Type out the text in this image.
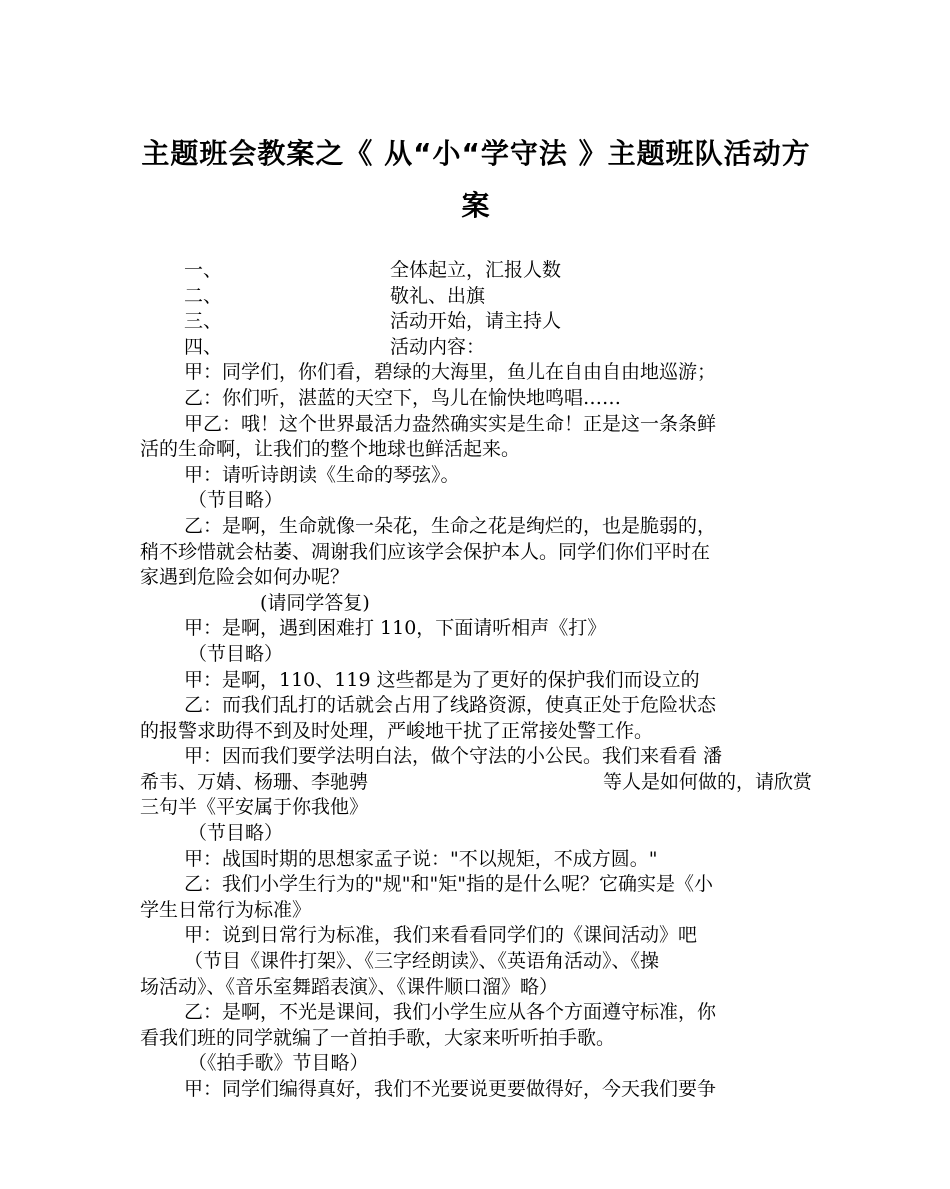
主题班会教案之《 从“小“学守法 》主题班队活动方
案
一、	全体起立，汇报人数
二、	敬礼、出旗
三、	活动开始，请主持人
四、	活动内容：
甲：同学们，你们看，碧绿的大海里，鱼儿在自由自由地巡游；
乙：你们听，湛蓝的天空下，鸟儿在愉快地鸣唱……
甲乙：哦！这个世界最活力盎然确实实是生命！正是这一条条鲜
活的生命啊，让我们的整个地球也鲜活起来。
甲：请听诗朗读《生命的琴弦》。
（节目略）
乙：是啊，生命就像一朵花，生命之花是绚烂的，也是脆弱的，
稍不珍惜就会枯萎、凋谢我们应该学会保护本人。同学们你们平时在
家遇到危险会如何办呢？
(请同学答复)
甲：是啊，遇到困难打 110，下面请听相声《打》
（节目略）
甲：是啊，110、119 这些都是为了更好的保护我们而设立的
乙：而我们乱打的话就会占用了线路资源，使真正处于危险状态
的报警求助得不到及时处理，严峻地干扰了正常接处警工作。
甲：因而我们要学法明白法，做个守法的小公民。我们来看看 潘
希韦、万婧、杨珊、李驰骋	等人是如何做的，请欣赏
三句半《平安属于你我他》
（节目略）
甲：战国时期的思想家孟子说："不以规矩，不成方圆。"
乙：我们小学生行为的"规"和"矩"指的是什么呢？它确实是《小
学生日常行为标准》
甲：说到日常行为标准，我们来看看同学们的《课间活动》吧
（节目《课件打架》、《三字经朗读》、《英语角活动》、《操
场活动》、《音乐室舞蹈表演》、《课件顺口溜》略）
乙：是啊，不光是课间，我们小学生应从各个方面遵守标准，你
看我们班的同学就编了一首拍手歌，大家来听听拍手歌。
（《拍手歌》节目略）
甲：同学们编得真好，我们不光要说更要做得好，今天我们要争
